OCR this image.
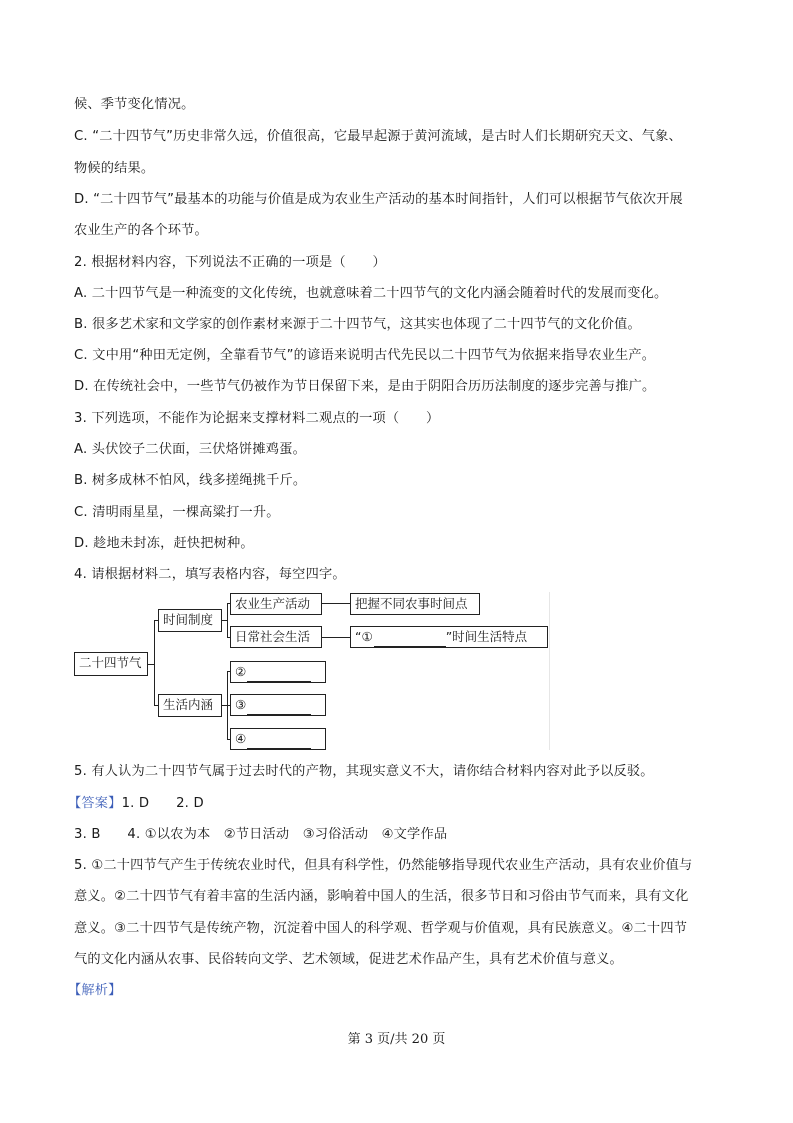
候、季节变化情况。
C. “二十四节气”历史非常久远，价值很高，它最早起源于黄河流域，是古时人们长期研究天文、气象、
物候的结果。
D. “二十四节气”最基本的功能与价值是成为农业生产活动的基本时间指针，人们可以根据节气依次开展
农业生产的各个环节。
2. 根据材料内容，下列说法不正确的一项是（　　）
A. 二十四节气是一种流变的文化传统，也就意味着二十四节气的文化内涵会随着时代的发展而变化。
B. 很多艺术家和文学家的创作素材来源于二十四节气，这其实也体现了二十四节气的文化价值。
C. 文中用“种田无定例，全靠看节气”的谚语来说明古代先民以二十四节气为依据来指导农业生产。
D. 在传统社会中，一些节气仍被作为节日保留下来，是由于阴阳合历历法制度的逐步完善与推广。
3. 下列选项，不能作为论据来支撑材料二观点的一项（　　）
A. 头伏饺子二伏面，三伏烙饼摊鸡蛋。
B. 树多成林不怕风，线多搓绳挑千斤。
C. 清明雨星星，一棵高粱打一升。
D. 趁地未封冻，赶快把树种。
4. 请根据材料二，填写表格内容，每空四字。
二十四节气
时间制度
生活内涵
农业生产活动
日常社会生活
把握不同农事时间点
“①	”时间生活特点
②
③
④
5. 有人认为二十四节气属于过去时代的产物，其现实意义不大，请你结合材料内容对此予以反驳。
【答案】1. D　　2. D
3. B　　4. ①以农为本　②节日活动　③习俗活动　④文学作品
5. ①二十四节气产生于传统农业时代，但具有科学性，仍然能够指导现代农业生产活动，具有农业价值与
意义。②二十四节气有着丰富的生活内涵，影响着中国人的生活，很多节日和习俗由节气而来，具有文化
意义。③二十四节气是传统产物，沉淀着中国人的科学观、哲学观与价值观，具有民族意义。④二十四节
气的文化内涵从农事、民俗转向文学、艺术领域，促进艺术作品产生，具有艺术价值与意义。
【解析】
第 3 页/共 20 页
